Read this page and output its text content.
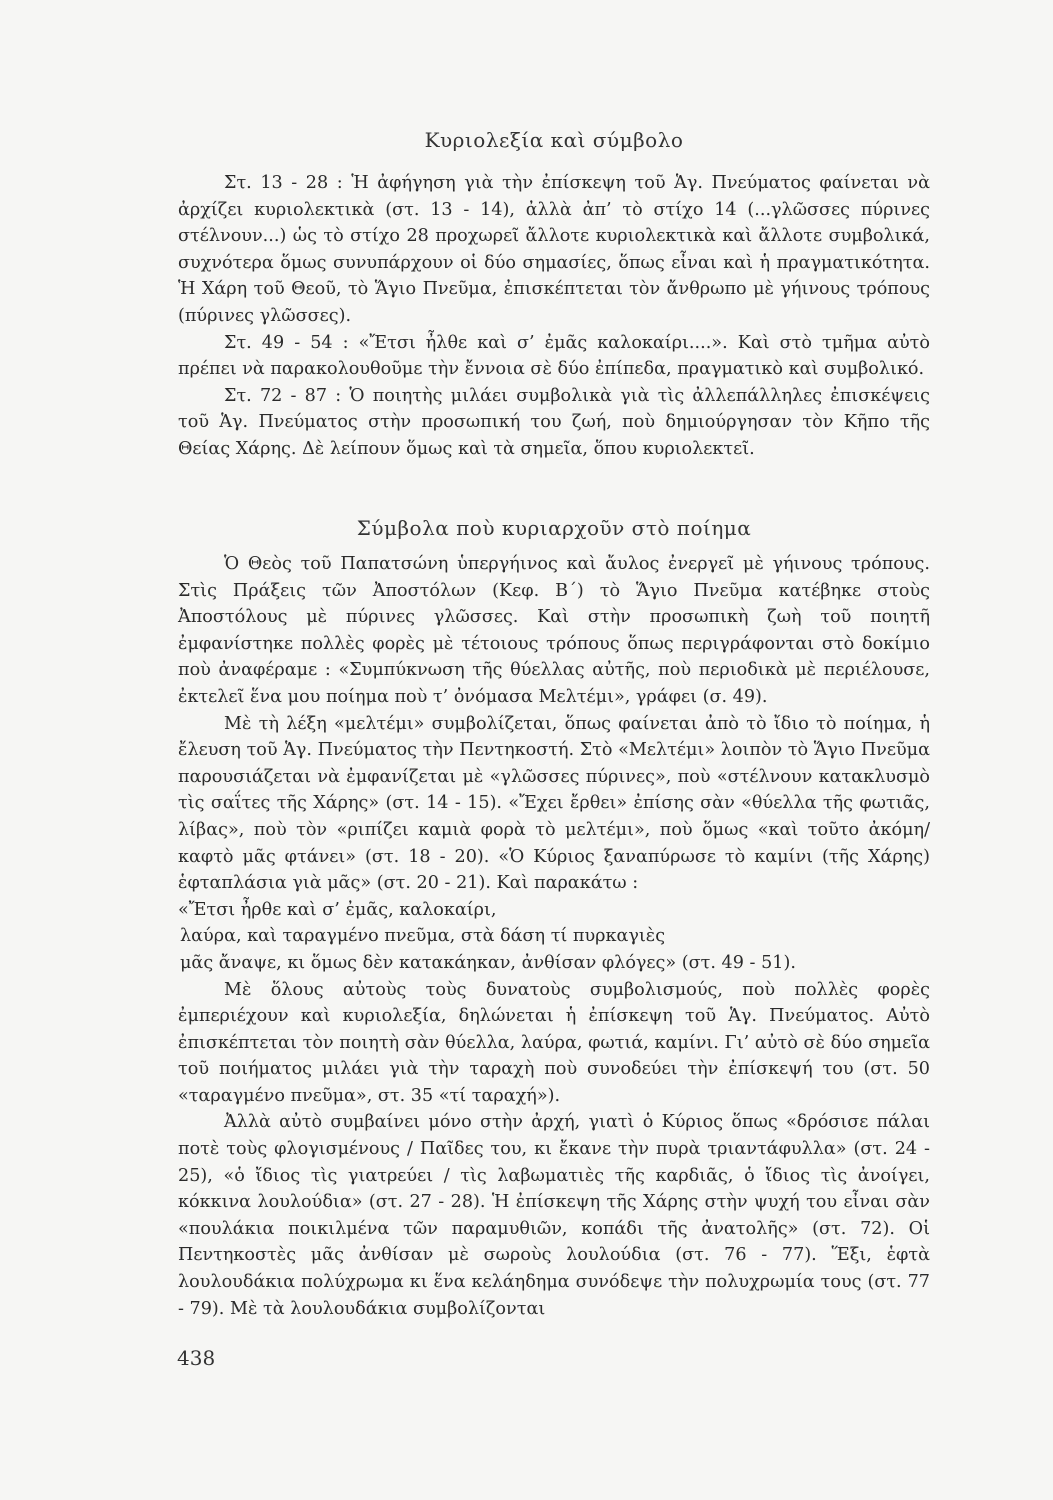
Κυριολεξία καὶ σύμβολο

Στ. 13 - 28 : Ἡ ἀφήγηση γιὰ τὴν ἐπίσκεψη τοῦ Ἁγ. Πνεύματος φαίνεται νὰ ἀρχίζει κυριολεκτικὰ (στ. 13 - 14), ἀλλὰ ἀπ’ τὸ στίχο 14 (...γλῶσσες πύρινες στέλνουν...) ὡς τὸ στίχο 28 προχωρεῖ ἄλλοτε κυριολεκτικὰ καὶ ἄλλοτε συμβολικά, συχνότερα ὅμως συνυπάρχουν οἱ δύο σημασίες, ὅπως εἶναι καὶ ἡ πραγματικότητα. Ἡ Χάρη τοῦ Θεοῦ, τὸ Ἅγιο Πνεῦμα, ἐπισκέπτεται τὸν ἄνθρωπο μὲ γήινους τρόπους (πύρινες γλῶσσες).

Στ. 49 - 54 : «Ἔτσι ἦλθε καὶ σ’ ἐμᾶς καλοκαίρι....». Καὶ στὸ τμῆμα αὐτὸ πρέπει νὰ παρακολουθοῦμε τὴν ἔννοια σὲ δύο ἐπίπεδα, πραγματικὸ καὶ συμβολικό.

Στ. 72 - 87 : Ὁ ποιητὴς μιλάει συμβολικὰ γιὰ τὶς ἀλλεπάλληλες ἐπισκέψεις τοῦ Ἁγ. Πνεύματος στὴν προσωπική του ζωή, ποὺ δημιούργησαν τὸν Κῆπο τῆς Θείας Χάρης. Δὲ λείπουν ὅμως καὶ τὰ σημεῖα, ὅπου κυριολεκτεῖ.

Σύμβολα ποὺ κυριαρχοῦν στὸ ποίημα

Ὁ Θεὸς τοῦ Παπατσώνη ὑπεργήινος καὶ ἄυλος ἐνεργεῖ μὲ γήινους τρόπους. Στὶς Πράξεις τῶν Ἀποστόλων (Κεφ. Β΄) τὸ Ἅγιο Πνεῦμα κατέβηκε στοὺς Ἀποστόλους μὲ πύρινες γλῶσσες. Καὶ στὴν προσωπικὴ ζωὴ τοῦ ποιητῆ ἐμφανίστηκε πολλὲς φορὲς μὲ τέτοιους τρόπους ὅπως περιγράφονται στὸ δοκίμιο ποὺ ἀναφέραμε : «Συμπύκνωση τῆς θύελλας αὐτῆς, ποὺ περιοδικὰ μὲ περιέλουσε, ἐκτελεῖ ἕνα μου ποίημα ποὺ τ’ ὀνόμασα Μελτέμι», γράφει (σ. 49).

Μὲ τὴ λέξη «μελτέμι» συμβολίζεται, ὅπως φαίνεται ἀπὸ τὸ ἴδιο τὸ ποίημα, ἡ ἔλευση τοῦ Ἁγ. Πνεύματος τὴν Πεντηκοστή. Στὸ «Μελτέμι» λοιπὸν τὸ Ἅγιο Πνεῦμα παρουσιάζεται νὰ ἐμφανίζεται μὲ «γλῶσσες πύρινες», ποὺ «στέλνουν κατακλυσμὸ τὶς σαΐτες τῆς Χάρης» (στ. 14 - 15). «Ἔχει ἔρθει» ἐπίσης σὰν «θύελλα τῆς φωτιᾶς, λίβας», ποὺ τὸν «ριπίζει καμιὰ φορὰ τὸ μελτέμι», ποὺ ὅμως «καὶ τοῦτο ἀκόμη/ καφτὸ μᾶς φτάνει» (στ. 18 - 20). «Ὁ Κύριος ξαναπύρωσε τὸ καμίνι (τῆς Χάρης) ἑφταπλάσια γιὰ μᾶς» (στ. 20 - 21). Καὶ παρακάτω :

«Ἔτσι ἦρθε καὶ σ’ ἐμᾶς, καλοκαίρι,
λαύρα, καὶ ταραγμένο πνεῦμα, στὰ δάση τί πυρκαγιὲς
μᾶς ἄναψε, κι ὅμως δὲν κατακάηκαν, ἀνθίσαν φλόγες» (στ. 49 - 51).

Μὲ ὅλους αὐτοὺς τοὺς δυνατοὺς συμβολισμούς, ποὺ πολλὲς φορὲς ἐμπεριέχουν καὶ κυριολεξία, δηλώνεται ἡ ἐπίσκεψη τοῦ Ἁγ. Πνεύματος. Αὐτὸ ἐπισκέπτεται τὸν ποιητὴ σὰν θύελλα, λαύρα, φωτιά, καμίνι. Γι’ αὐτὸ σὲ δύο σημεῖα τοῦ ποιήματος μιλάει γιὰ τὴν ταραχὴ ποὺ συνοδεύει τὴν ἐπίσκεψή του (στ. 50 «ταραγμένο πνεῦμα», στ. 35 «τί ταραχή»).

Ἀλλὰ αὐτὸ συμβαίνει μόνο στὴν ἀρχή, γιατὶ ὁ Κύριος ὅπως «δρόσισε πάλαι ποτὲ τοὺς φλογισμένους / Παῖδες του, κι ἔκανε τὴν πυρὰ τριαντάφυλλα» (στ. 24 - 25), «ὁ ἴδιος τὶς γιατρεύει / τὶς λαβωματιὲς τῆς καρδιᾶς, ὁ ἴδιος τὶς ἀνοίγει, κόκκινα λουλούδια» (στ. 27 - 28). Ἡ ἐπίσκεψη τῆς Χάρης στὴν ψυχή του εἶναι σὰν «πουλάκια ποικιλμένα τῶν παραμυθιῶν, κοπάδι τῆς ἀνατολῆς» (στ. 72). Οἱ Πεντηκοστὲς μᾶς ἀνθίσαν μὲ σωροὺς λουλούδια (στ. 76 - 77). Ἕξι, ἑφτὰ λουλουδάκια πολύχρωμα κι ἕνα κελάηδημα συνόδεψε τὴν πολυχρωμία τους (στ. 77 - 79). Μὲ τὰ λουλουδάκια συμβολίζονται

438
